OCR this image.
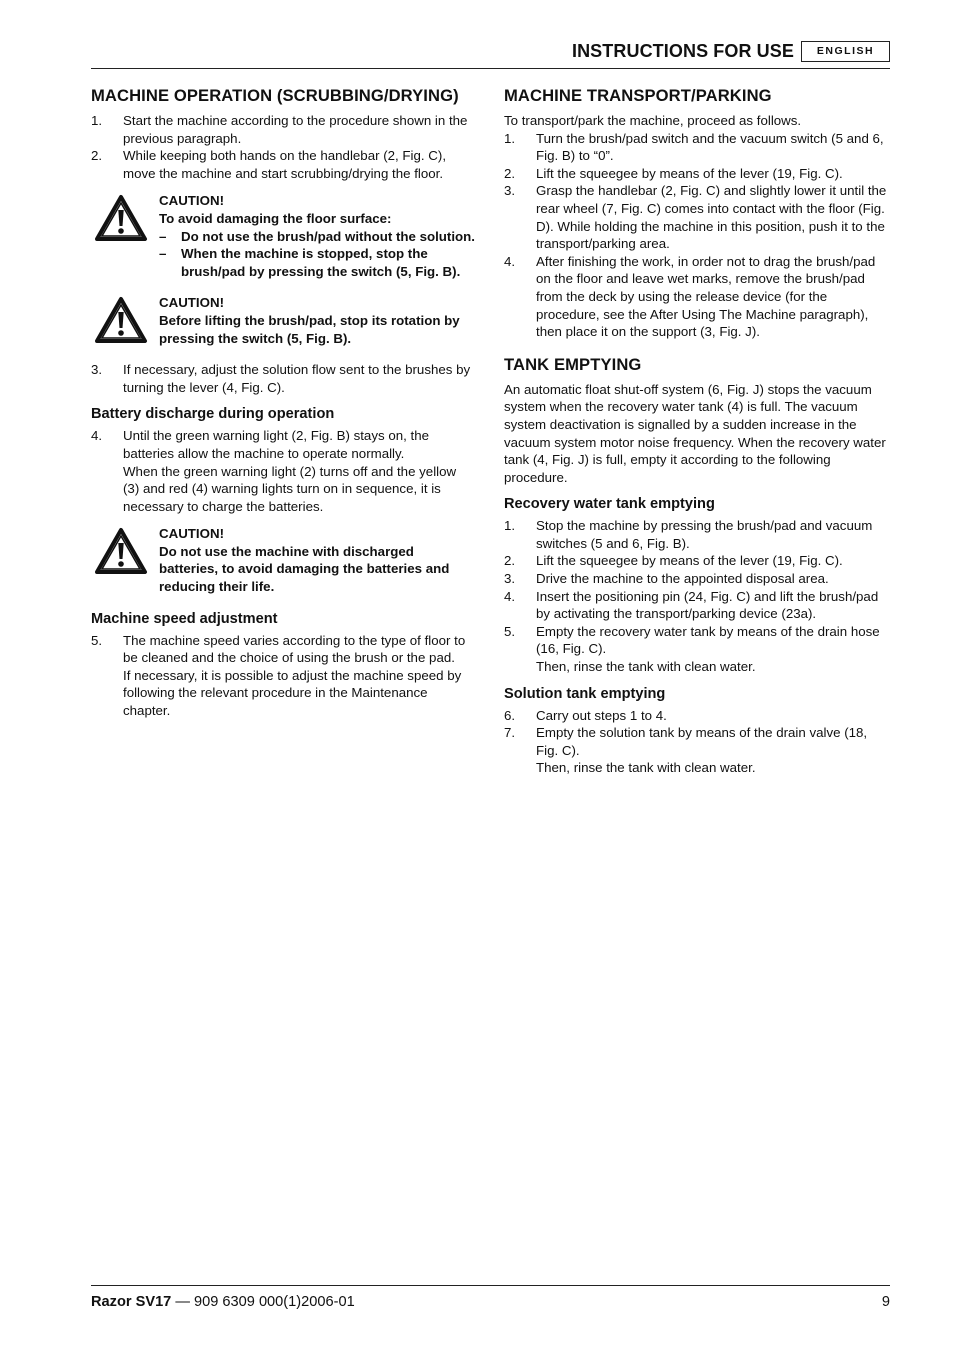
INSTRUCTIONS FOR USE	ENGLISH
MACHINE OPERATION (SCRUBBING/DRYING)
1. Start the machine according to the procedure shown in the previous paragraph.
2. While keeping both hands on the handlebar (2, Fig. C), move the machine and start scrubbing/drying the floor.
CAUTION!
To avoid damaging the floor surface:
– Do not use the brush/pad without the solution.
– When the machine is stopped, stop the brush/pad by pressing the switch (5, Fig. B).
CAUTION!
Before lifting the brush/pad, stop its rotation by pressing the switch (5, Fig. B).
3. If necessary, adjust the solution flow sent to the brushes by turning the lever (4, Fig. C).
Battery discharge during operation
4. Until the green warning light (2, Fig. B) stays on, the batteries allow the machine to operate normally.
When the green warning light (2) turns off and the yellow (3) and red (4) warning lights turn on in sequence, it is necessary to charge the batteries.
CAUTION!
Do not use the machine with discharged batteries, to avoid damaging the batteries and reducing their life.
Machine speed adjustment
5. The machine speed varies according to the type of floor to be cleaned and the choice of using the brush or the pad.
If necessary, it is possible to adjust the machine speed by following the relevant procedure in the Maintenance chapter.
MACHINE TRANSPORT/PARKING

To transport/park the machine, proceed as follows.

1. Turn the brush/pad switch and the vacuum switch (5 and 6, Fig. B) to “0”.
2. Lift the squeegee by means of the lever (19, Fig. C).
3. Grasp the handlebar (2, Fig. C) and slightly lower it until the rear wheel (7, Fig. C) comes into contact with the floor (Fig. D). While holding the machine in this position, push it to the transport/parking area.
4. After finishing the work, in order not to drag the brush/pad on the floor and leave wet marks, remove the brush/pad from the deck by using the release device (for the procedure, see the After Using The Machine paragraph), then place it on the support (3, Fig. J).
TANK EMPTYING

An automatic float shut-off system (6, Fig. J) stops the vacuum system when the recovery water tank (4) is full. The vacuum system deactivation is signalled by a sudden increase in the vacuum system motor noise frequency. When the recovery water tank (4, Fig. J) is full, empty it according to the following procedure.

Recovery water tank emptying
1. Stop the machine by pressing the brush/pad and vacuum switches (5 and 6, Fig. B).
2. Lift the squeegee by means of the lever (19, Fig. C).
3. Drive the machine to the appointed disposal area.
4. Insert the positioning pin (24, Fig. C) and lift the brush/pad by activating the transport/parking device (23a).
5. Empty the recovery water tank by means of the drain hose (16, Fig. C).
Then, rinse the tank with clean water.
Solution tank emptying
6. Carry out steps 1 to 4.
7. Empty the solution tank by means of the drain valve (18, Fig. C).
Then, rinse the tank with clean water.
Razor SV17 — 909 6309 000(1)2006-01	9
